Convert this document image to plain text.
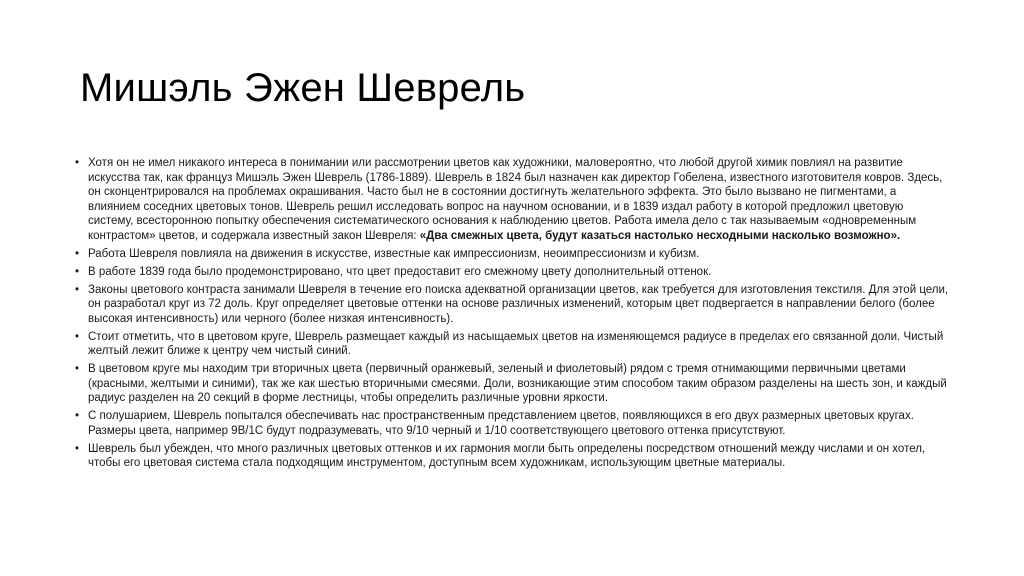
Мишэль Эжен Шеврель
• Хотя он не имел никакого интереса в понимании или рассмотрении цветов как художники, маловероятно, что любой другой химик повлиял на развитие искусства так, как француз Мишэль Эжен Шеврель (1786-1889). Шеврель в 1824 был назначен как директор Гобелена, известного изготовителя ковров. Здесь, он сконцентрировался на проблемах окрашивания. Часто был не в состоянии достигнуть желательного эффекта. Это было вызвано не пигментами, а влиянием соседних цветовых тонов. Шеврель решил исследовать вопрос на научном основании, и в 1839 издал работу в которой предложил цветовую систему, всесторонною попытку обеспечения систематического основания к наблюдению цветов. Работа имела дело с так называемым «одновременным контрастом» цветов, и содержала известный закон Шевреля: «Два смежных цвета, будут казаться настолько несходными насколько возможно».
• Работа Шевреля повлияла на движения в искусстве, известные как импрессионизм, неоимпрессионизм и кубизм.
• В работе 1839 года было продемонстрировано, что цвет предоставит его смежному цвету дополнительный оттенок.
• Законы цветового контраста занимали Шевреля в течение его поиска адекватной организации цветов, как требуется для изготовления текстиля. Для этой цели, он разработал круг из 72 доль. Круг определяет цветовые оттенки на основе различных изменений, которым цвет подвергается в направлении белого (более высокая интенсивность) или черного (более низкая интенсивность).
• Стоит отметить, что в цветовом круге, Шеврель размещает каждый из насыщаемых цветов на изменяющемся радиусе в пределах его связанной доли. Чистый желтый лежит ближе к центру чем чистый синий.
• В цветовом круге мы находим три вторичных цвета (первичный оранжевый, зеленый и фиолетовый) рядом с тремя отнимающими первичными цветами (красными, желтыми и синими), так же как шестью вторичными смесями. Доли, возникающие этим способом таким образом разделены на шесть зон, и каждый радиус разделен на 20 секций в форме лестницы, чтобы определить различные уровни яркости.
• С полушарием, Шеврель попытался обеспечивать нас пространственным представлением цветов, появляющихся в его двух размерных цветовых кругах. Размеры цвета, например 9B/1C будут подразумевать, что 9/10 черный и 1/10 соответствующего цветового оттенка присутствуют.
• Шеврель был убежден, что много различных цветовых оттенков и их гармония могли быть определены посредством отношений между числами и он хотел, чтобы его цветовая система стала подходящим инструментом, доступным всем художникам, использующим цветные материалы.
